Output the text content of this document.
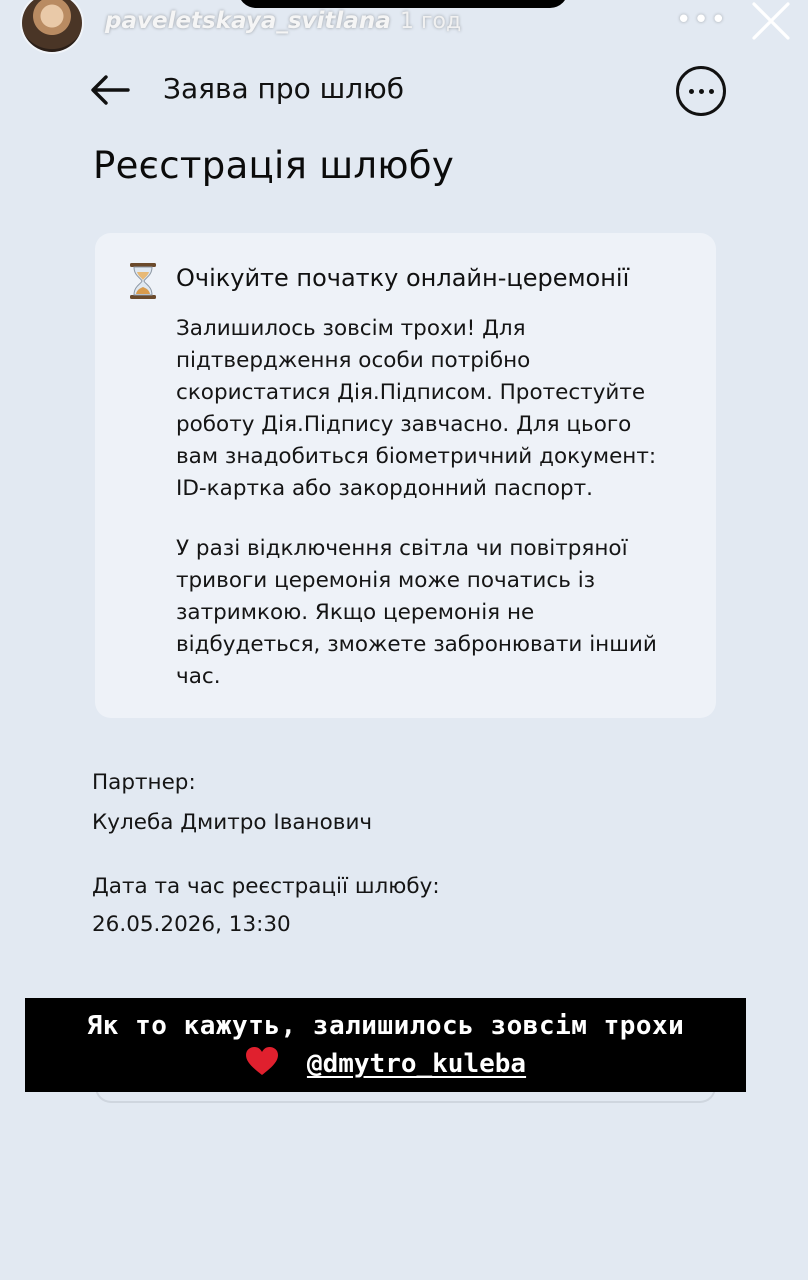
paveletskaya_svitlana 1 год	•••
Заява про шлюб
Реєстрація шлюбу
Очікуйте початку онлайн-церемонії
Залишилось зовсім трохи! Для
підтвердження особи потрібно
скористатися Дія.Підписом. Протестуйте
роботу Дія.Підпису завчасно. Для цього
вам знадобиться біометричний документ:
ID-картка або закордонний паспорт.
У разі відключення світла чи повітряної
тривоги церемонія може початись із
затримкою. Якщо церемонія не
відбудеться, зможете забронювати інший
час.
Партнер:
Кулеба Дмитро Іванович
Дата та час реєстрації шлюбу:
26.05.2026, 13:30
Як то кажуть, залишилось зовсім трохи
@dmytro_kuleba
